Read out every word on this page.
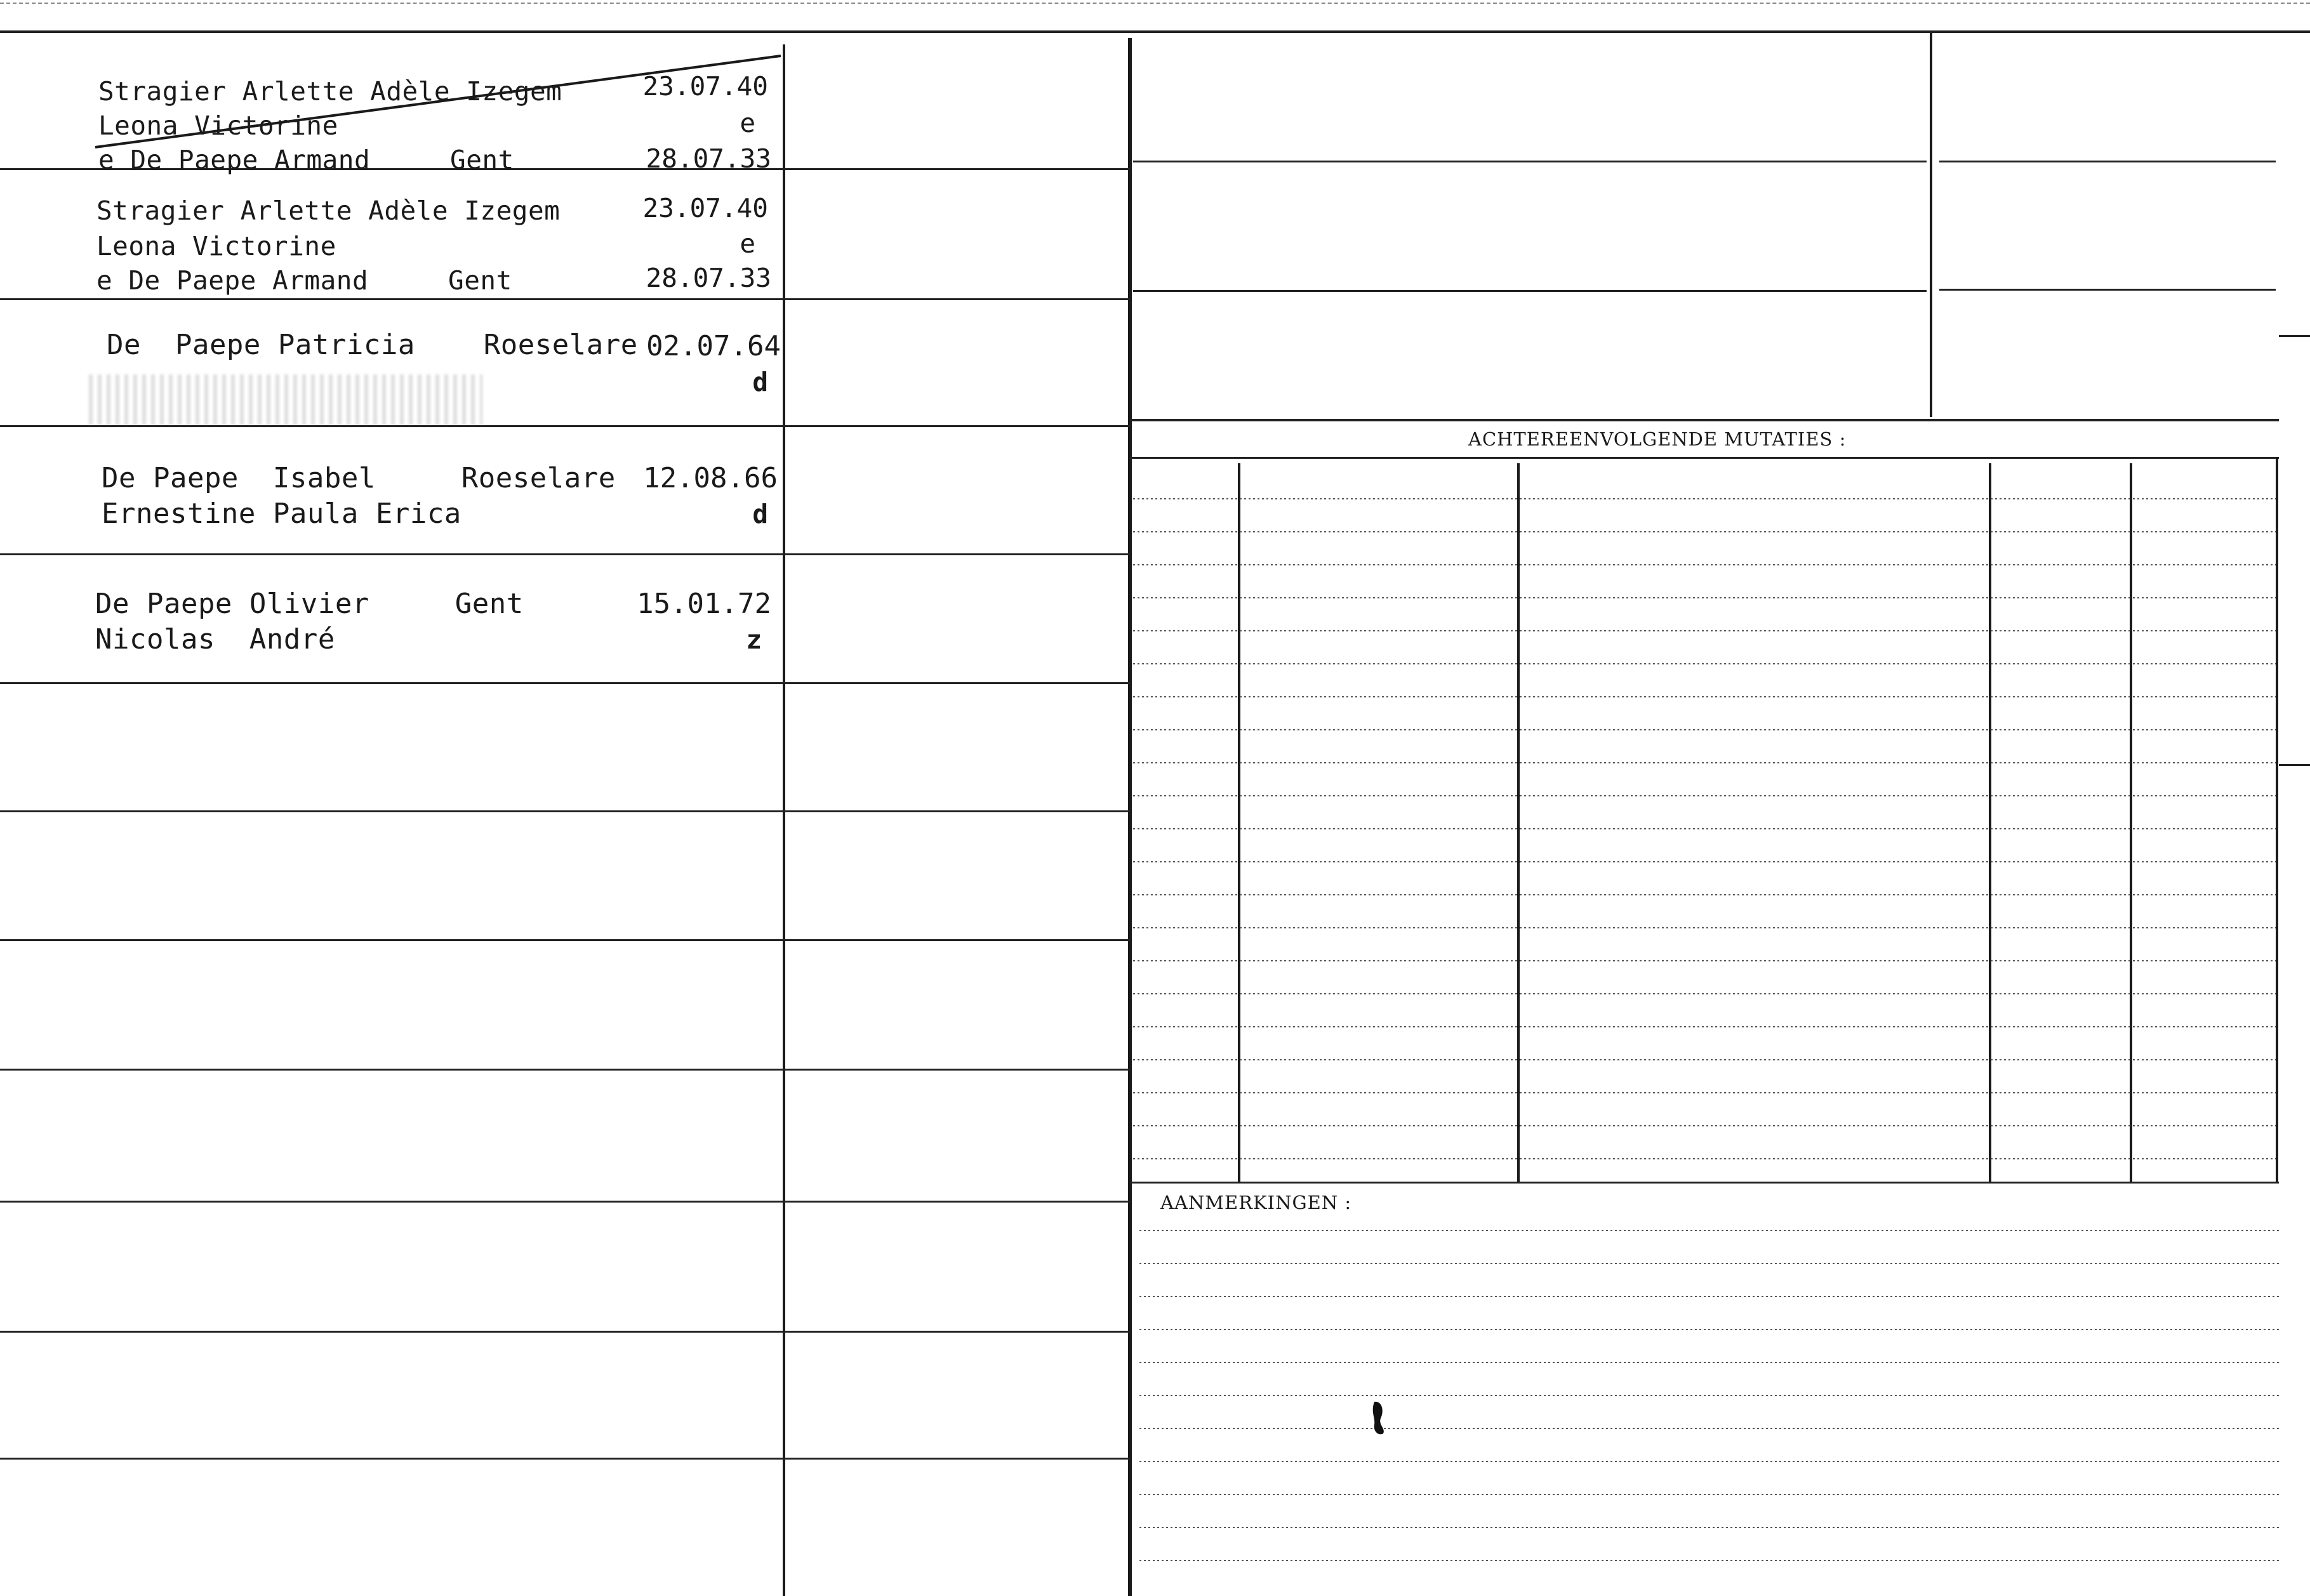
Stragier Arlette Adèle Izegem
Leona Victorine
e De Paepe Armand     Gent
23.07.40
e
28.07.33
Stragier Arlette Adèle Izegem
Leona Victorine
e De Paepe Armand     Gent
23.07.40
e
28.07.33
De  Paepe Patricia    Roeselare 02.07.64
d
De Paepe  Isabel     Roeselare
Ernestine Paula Erica
12.08.66
d
De Paepe Olivier     Gent
Nicolas  André
15.01.72
z
ACHTEREENVOLGENDE MUTATIES :
AANMERKINGEN :
